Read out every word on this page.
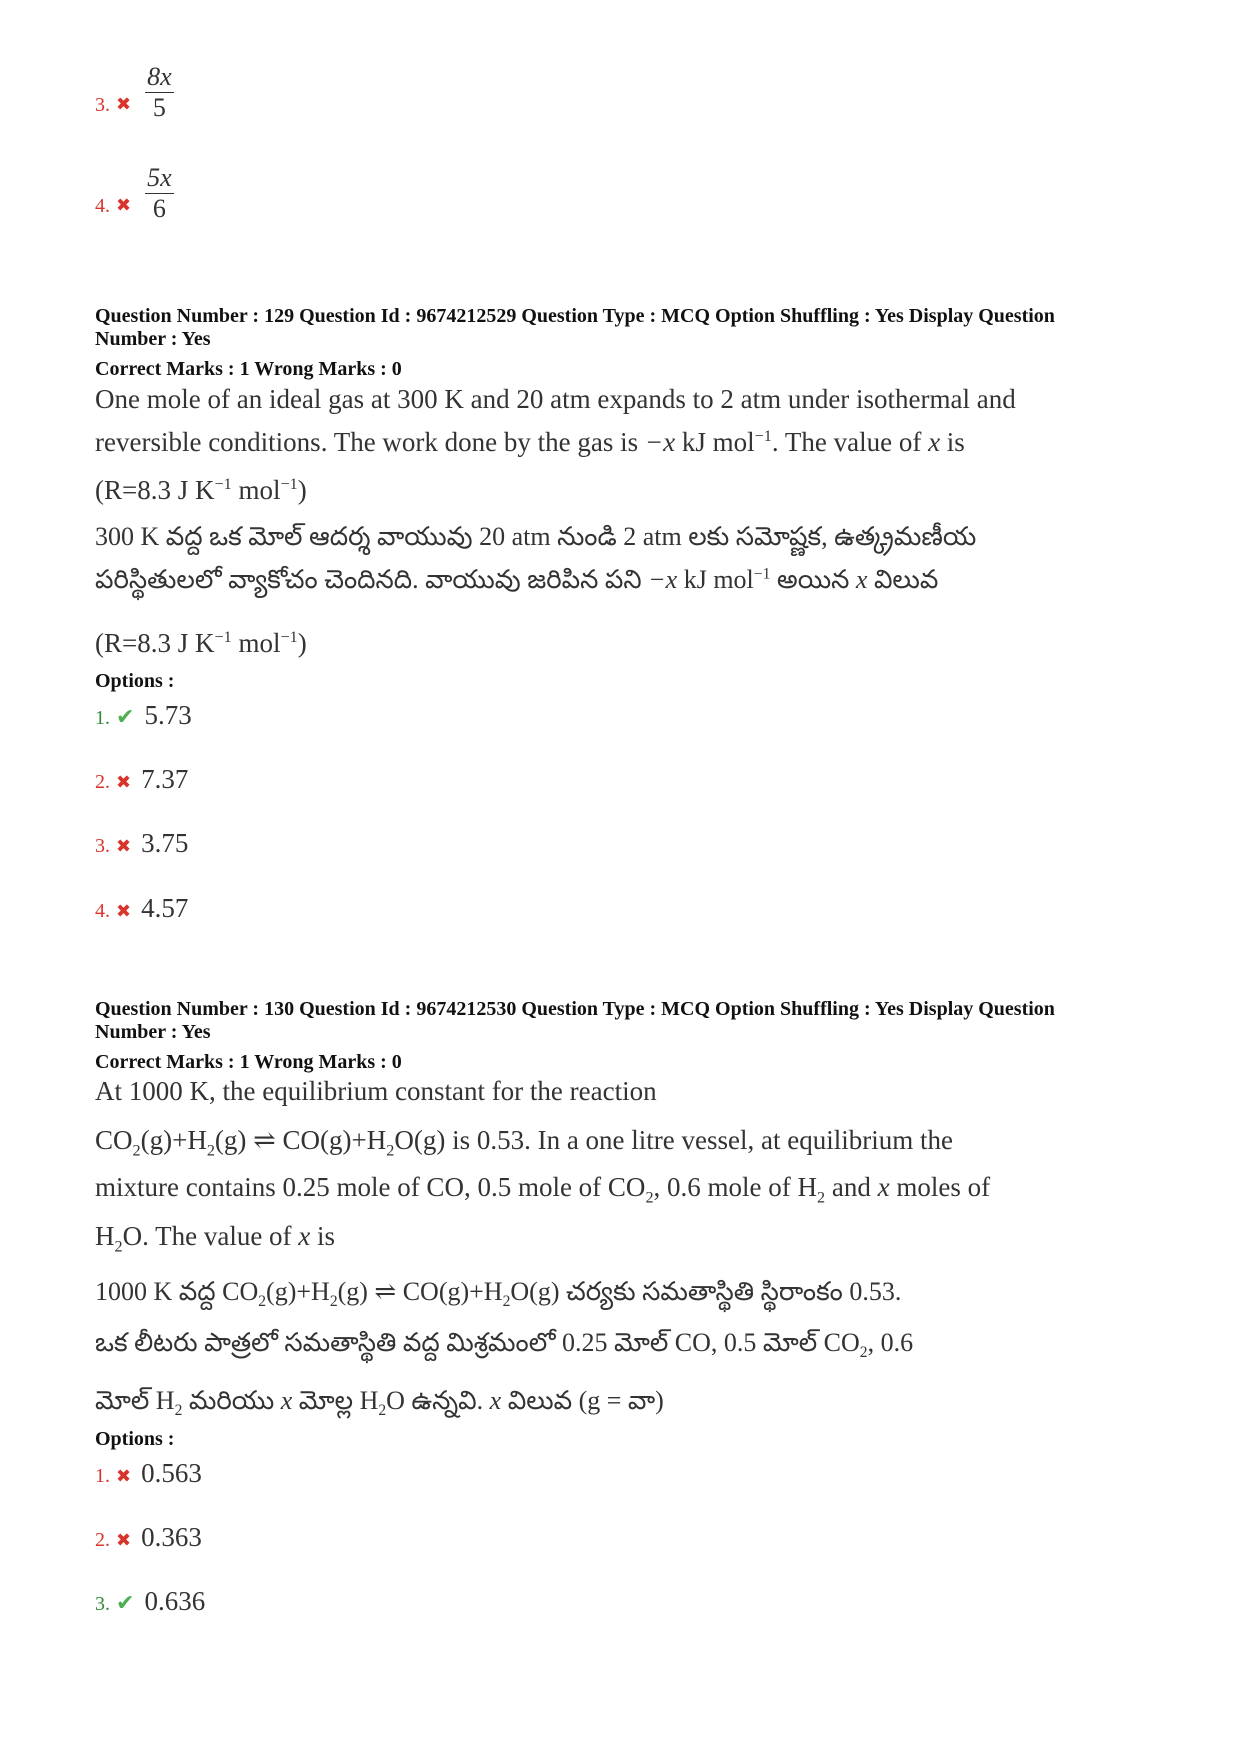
3. ✖ $\frac{8x}{5}$
4. ✖ $\frac{5x}{6}$
Question Number : 129 Question Id : 9674212529 Question Type : MCQ Option Shuffling : Yes Display Question
Number : Yes
Correct Marks : 1 Wrong Marks : 0
One mole of an ideal gas at 300 K and 20 atm expands to 2 atm under isothermal and
reversible conditions. The work done by the gas is −x kJ mol$^{-1}$. The value of x is
(R=8.3 J $K^{-1}$ mol$^{-1}$)
300 K వద్ద ఒక మోల్ ఆదర్శ వాయువు 20 atm నుండి 2 atm లకు సమోష్ణక, ఉత్క్రమణీయ
పరిస్థితులలో వ్యాకోచం చెందినది. వాయువు జరిపిన పని −x kJ mol$^{-1}$ అయిన x విలువ
(R=8.3 J $K^{-1}$ mol$^{-1}$)
Options :
1. ✔ 5.73
2. ✖ 7.37
3. ✖ 3.75
4. ✖ 4.57
Question Number : 130 Question Id : 9674212530 Question Type : MCQ Option Shuffling : Yes Display Question
Number : Yes
Correct Marks : 1 Wrong Marks : 0
At 1000 K, the equilibrium constant for the reaction
$CO_2(g)+H_2(g)$ ⇌ $CO(g)+H_2O(g)$ is 0.53. In a one litre vessel, at equilibrium the
mixture contains 0.25 mole of CO, 0.5 mole of $CO_2$, 0.6 mole of $H_2$ and x moles of
$H_2O$. The value of x is
1000 K వద్ద $CO_2(g)+H_2(g)$ ⇌ $CO(g)+H_2O(g)$ చర్యకు సమతాస్థితి స్థిరాంకం 0.53.
ఒక లీటరు పాత్రలో సమతాస్థితి వద్ద మిశ్రమంలో 0.25 మోల్ CO, 0.5 మోల్ $CO_2$, 0.6
మోల్ $H_2$ మరియు x మోల్ల $H_2O$ ఉన్నవి. x విలువ (g = వా)
Options :
1. ✖ 0.563
2. ✖ 0.363
3. ✔ 0.636
